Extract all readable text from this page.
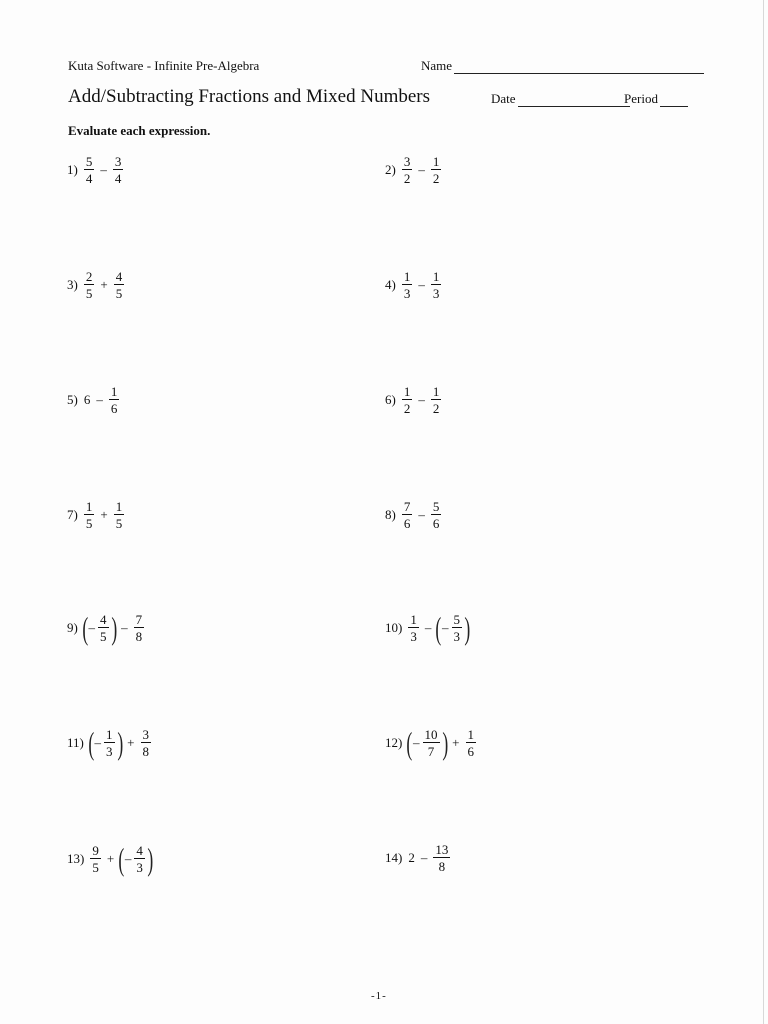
Kuta Software - Infinite Pre-Algebra	Name
Add/Subtracting Fractions and Mixed Numbers	Date	Period
Evaluate each expression.
$1) \frac{5}{4} - \frac{3}{4}$	$2) \frac{3}{2} - \frac{1}{2}$
$3) \frac{2}{5} + \frac{4}{5}$	$4) \frac{1}{3} - \frac{1}{3}$
5) $6 - \frac{1}{6}$	$6) \frac{1}{2} - \frac{1}{2}$
$7) \frac{1}{5} + \frac{1}{5}$	$8) \frac{7}{6} - \frac{5}{6}$
9) ( – $\frac{4}{5}$ ) – $\frac{7}{8}$	$10) \frac{1}{3}$ – ( – $\frac{5}{3}$ )
11) ( – $\frac{1}{3}$ ) + $\frac{3}{8}$	12) ( – $\frac{10}{7}$ ) + $\frac{1}{6}$
$13) \frac{9}{5}$ + ( – $\frac{4}{3}$ )	14) $2 - \frac{13}{8}$
-1-
